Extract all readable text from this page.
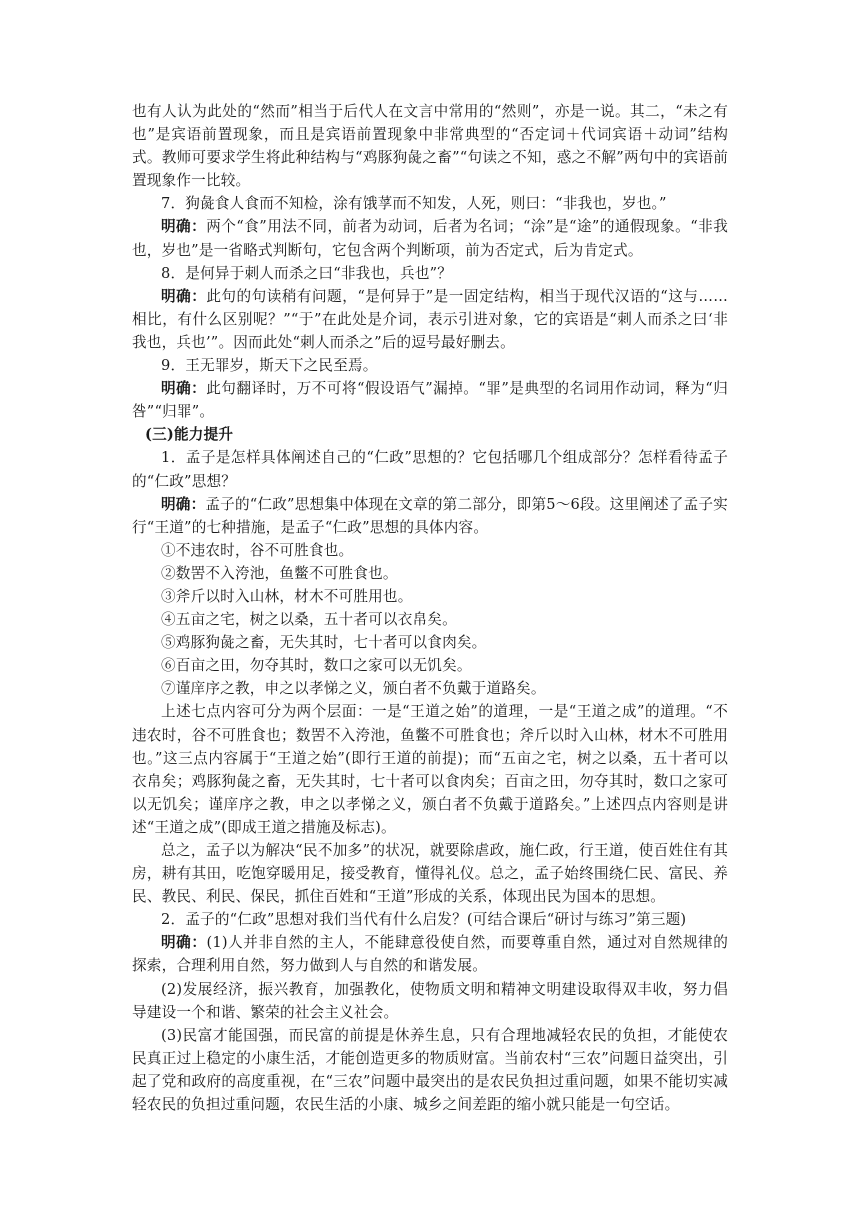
也有人认为此处的“然而”相当于后代人在文言中常用的“然则”，亦是一说。其二，“未之有也”是宾语前置现象，而且是宾语前置现象中非常典型的“否定词＋代词宾语＋动词”结构式。教师可要求学生将此种结构与“鸡豚狗彘之畜”“句读之不知，惑之不解”两句中的宾语前置现象作一比较。

7．狗彘食人食而不知检，涂有饿莩而不知发，人死，则曰：“非我也，岁也。”

明确：两个“食”用法不同，前者为动词，后者为名词；“涂”是“途”的通假现象。“非我也，岁也”是一省略式判断句，它包含两个判断项，前为否定式，后为肯定式。

8．是何异于刺人而杀之曰“非我也，兵也”？

明确：此句的句读稍有问题，“是何异于”是一固定结构，相当于现代汉语的“这与……相比，有什么区别呢？”“于”在此处是介词，表示引进对象，它的宾语是“刺人而杀之曰‘非我也，兵也’”。因而此处“刺人而杀之”后的逗号最好删去。

9．王无罪岁，斯天下之民至焉。

明确：此句翻译时，万不可将“假设语气”漏掉。“罪”是典型的名词用作动词，释为“归咎”“归罪”。

(三)能力提升

1．孟子是怎样具体阐述自己的“仁政”思想的？它包括哪几个组成部分？怎样看待孟子的“仁政”思想？

明确：孟子的“仁政”思想集中体现在文章的第二部分，即第5～6段。这里阐述了孟子实行“王道”的七种措施，是孟子“仁政”思想的具体内容。

①不违农时，谷不可胜食也。

②数罟不入洿池，鱼鳖不可胜食也。

③斧斤以时入山林，材木不可胜用也。

④五亩之宅，树之以桑，五十者可以衣帛矣。

⑤鸡豚狗彘之畜，无失其时，七十者可以食肉矣。

⑥百亩之田，勿夺其时，数口之家可以无饥矣。

⑦谨庠序之教，申之以孝悌之义，颁白者不负戴于道路矣。

上述七点内容可分为两个层面：一是“王道之始”的道理，一是“王道之成”的道理。“不违农时，谷不可胜食也；数罟不入洿池，鱼鳖不可胜食也；斧斤以时入山林，材木不可胜用也。”这三点内容属于“王道之始”(即行王道的前提)；而“五亩之宅，树之以桑，五十者可以衣帛矣；鸡豚狗彘之畜，无失其时，七十者可以食肉矣；百亩之田，勿夺其时，数口之家可以无饥矣；谨庠序之教，申之以孝悌之义，颁白者不负戴于道路矣。”上述四点内容则是讲述“王道之成”(即成王道之措施及标志)。

总之，孟子以为解决“民不加多”的状况，就要除虐政，施仁政，行王道，使百姓住有其房，耕有其田，吃饱穿暖用足，接受教育，懂得礼仪。总之，孟子始终围绕仁民、富民、养民、教民、利民、保民，抓住百姓和“王道”形成的关系，体现出民为国本的思想。

2．孟子的“仁政”思想对我们当代有什么启发？(可结合课后“研讨与练习”第三题)

明确：(1)人并非自然的主人，不能肆意役使自然，而要尊重自然，通过对自然规律的探索，合理利用自然，努力做到人与自然的和谐发展。

(2)发展经济，振兴教育，加强教化，使物质文明和精神文明建设取得双丰收，努力倡导建设一个和谐、繁荣的社会主义社会。

(3)民富才能国强，而民富的前提是休养生息，只有合理地减轻农民的负担，才能使农民真正过上稳定的小康生活，才能创造更多的物质财富。当前农村“三农”问题日益突出，引起了党和政府的高度重视，在“三农”问题中最突出的是农民负担过重问题，如果不能切实减轻农民的负担过重问题，农民生活的小康、城乡之间差距的缩小就只能是一句空话。
